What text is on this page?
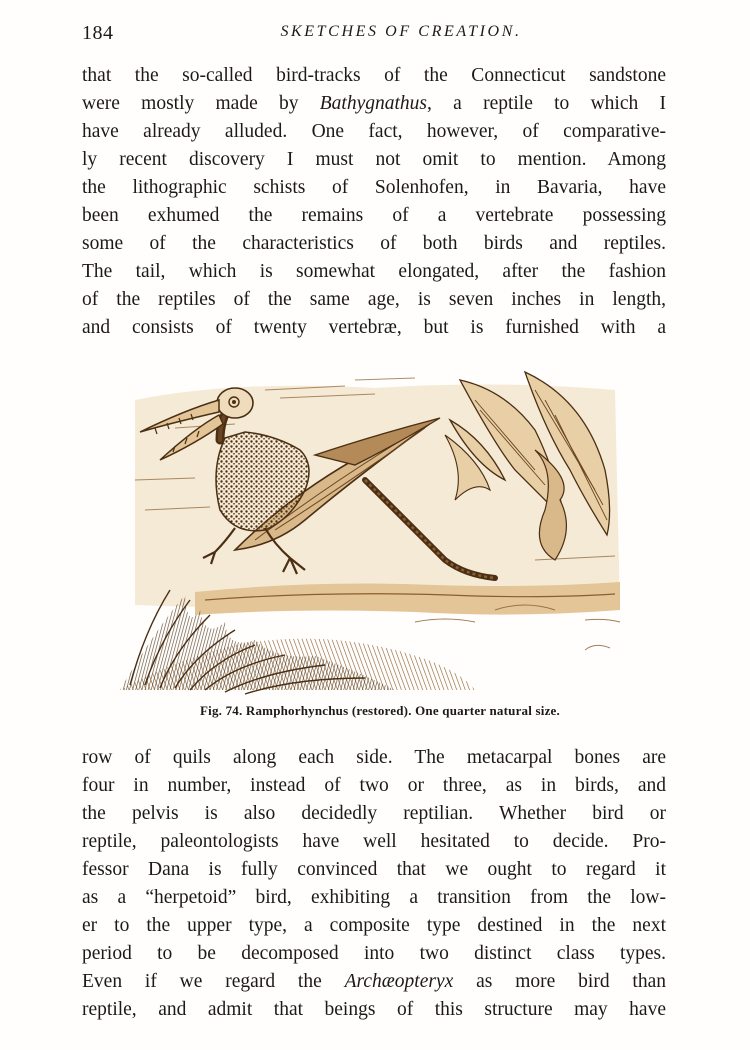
184	SKETCHES OF CREATION.
that the so-called bird-tracks of the Connecticut sandstone
were mostly made by Bathygnathus, a reptile to which I
have already alluded. One fact, however, of comparative-
ly recent discovery I must not omit to mention. Among
the lithographic schists of Solenhofen, in Bavaria, have
been exhumed the remains of a vertebrate possessing
some of the characteristics of both birds and reptiles.
The tail, which is somewhat elongated, after the fashion
of the reptiles of the same age, is seven inches in length,
and consists of twenty vertebræ, but is furnished with a
Fig. 74. Ramphorhynchus (restored). One quarter natural size.
row of quils along each side. The metacarpal bones are
four in number, instead of two or three, as in birds, and
the pelvis is also decidedly reptilian. Whether bird or
reptile, paleontologists have well hesitated to decide. Pro-
fessor Dana is fully convinced that we ought to regard it
as a “herpetoid” bird, exhibiting a transition from the low-
er to the upper type, a composite type destined in the next
period to be decomposed into two distinct class types.
Even if we regard the Archæopteryx as more bird than
reptile, and admit that beings of this structure may have
